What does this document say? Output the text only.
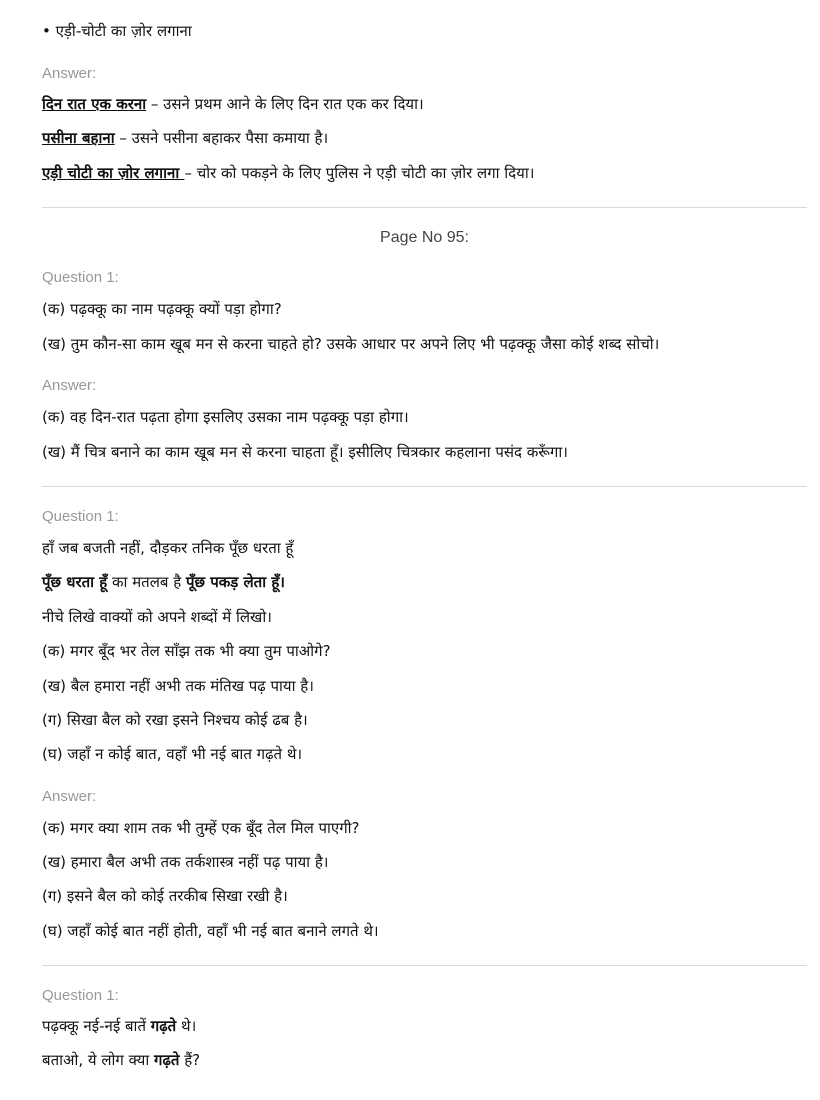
• एड़ी-चोटी का ज़ोर लगाना
Answer:
दिन रात एक करना – उसने प्रथम आने के लिए दिन रात एक कर दिया।
पसीना बहाना – उसने पसीना बहाकर पैसा कमाया है।
एड़ी चोटी का ज़ोर लगाना – चोर को पकड़ने के लिए पुलिस ने एड़ी चोटी का ज़ोर लगा दिया।
Page No 95:
Question 1:
(क) पढ़क्कू का नाम पढ़क्कू क्यों पड़ा होगा?
(ख) तुम कौन-सा काम खूब मन से करना चाहते हो? उसके आधार पर अपने लिए भी पढ़क्कू जैसा कोई शब्द सोचो।
Answer:
(क) वह दिन-रात पढ़ता होगा इसलिए उसका नाम पढ़क्कू पड़ा होगा।
(ख) मैं चित्र बनाने का काम खूब मन से करना चाहता हूँ। इसीलिए चित्रकार कहलाना पसंद करूँगा।
Question 1:
हाँ जब बजती नहीं, दौड़कर तनिक पूँछ धरता हूँ
पूँछ धरता हूँ का मतलब है पूँछ पकड़ लेता हूँ।
नीचे लिखे वाक्यों को अपने शब्दों में लिखो।
(क) मगर बूँद भर तेल साँझ तक भी क्या तुम पाओगे?
(ख) बैल हमारा नहीं अभी तक मंतिख पढ़ पाया है।
(ग) सिखा बैल को रखा इसने निश्चय कोई ढब है।
(घ) जहाँ न कोई बात, वहाँ भी नई बात गढ़ते थे।
Answer:
(क) मगर क्या शाम तक भी तुम्हें एक बूँद तेल मिल पाएगी?
(ख) हमारा बैल अभी तक तर्कशास्त्र नहीं पढ़ पाया है।
(ग) इसने बैल को कोई तरकीब सिखा रखी है।
(घ) जहाँ कोई बात नहीं होती, वहाँ भी नई बात बनाने लगते थे।
Question 1:
पढ़क्कू नई-नई बातें गढ़ते थे।
बताओ, ये लोग क्या गढ़ते हैं?
